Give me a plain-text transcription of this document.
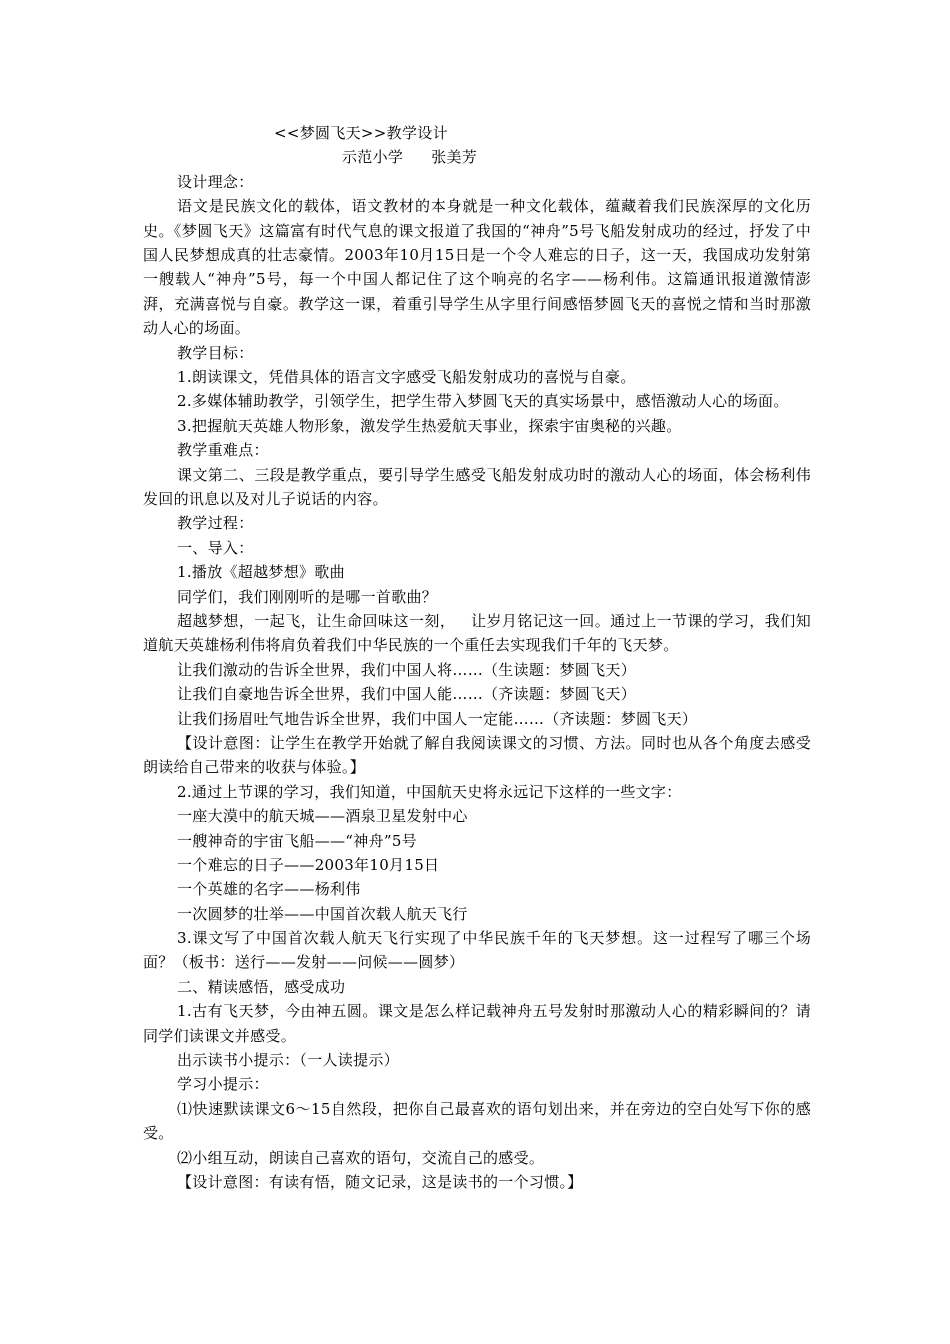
<<梦圆飞天>>教学设计
示范小学 张美芳
设计理念：
语文是民族文化的载体，语文教材的本身就是一种文化载体，蕴藏着我们民族深厚的文化历史。《梦圆飞天》这篇富有时代气息的课文报道了我国的“神舟”5号飞船发射成功的经过，抒发了中国人民梦想成真的壮志豪情。2003年10月15日是一个令人难忘的日子，这一天，我国成功发射第一艘载人“神舟”5号，每一个中国人都记住了这个响亮的名字——杨利伟。这篇通讯报道激情澎湃，充满喜悦与自豪。教学这一课，着重引导学生从字里行间感悟梦圆飞天的喜悦之情和当时那激动人心的场面。
教学目标：
1.朗读课文，凭借具体的语言文字感受飞船发射成功的喜悦与自豪。
2.多媒体辅助教学，引领学生，把学生带入梦圆飞天的真实场景中，感悟激动人心的场面。
3.把握航天英雄人物形象，激发学生热爱航天事业，探索宇宙奥秘的兴趣。
教学重难点：
课文第二、三段是教学重点，要引导学生感受飞船发射成功时的激动人心的场面，体会杨利伟发回的讯息以及对儿子说话的内容。
教学过程：
一、导入：
1.播放《超越梦想》歌曲
同学们，我们刚刚听的是哪一首歌曲？
超越梦想，一起飞，让生命回味这一刻，   让岁月铭记这一回。通过上一节课的学习，我们知道航天英雄杨利伟将肩负着我们中华民族的一个重任去实现我们千年的飞天梦。
让我们激动的告诉全世界，我们中国人将……（生读题：梦圆飞天）
让我们自豪地告诉全世界，我们中国人能……（齐读题：梦圆飞天）
让我们扬眉吐气地告诉全世界，我们中国人一定能……（齐读题：梦圆飞天）
【设计意图：让学生在教学开始就了解自我阅读课文的习惯、方法。同时也从各个角度去感受朗读给自己带来的收获与体验。】
2.通过上节课的学习，我们知道，中国航天史将永远记下这样的一些文字：
一座大漠中的航天城——酒泉卫星发射中心
一艘神奇的宇宙飞船——“神舟”5号
一个难忘的日子——2003年10月15日
一个英雄的名字——杨利伟
一次圆梦的壮举——中国首次载人航天飞行
3.课文写了中国首次载人航天飞行实现了中华民族千年的飞天梦想。这一过程写了哪三个场面？（板书：送行——发射——问候——圆梦）
二、精读感悟，感受成功
1.古有飞天梦，今由神五圆。课文是怎么样记载神舟五号发射时那激动人心的精彩瞬间的？请同学们读课文并感受。
出示读书小提示：（一人读提示）
学习小提示：
⑴快速默读课文6～15自然段，把你自己最喜欢的语句划出来，并在旁边的空白处写下你的感受。
⑵小组互动，朗读自己喜欢的语句，交流自己的感受。
【设计意图：有读有悟，随文记录，这是读书的一个习惯。】
